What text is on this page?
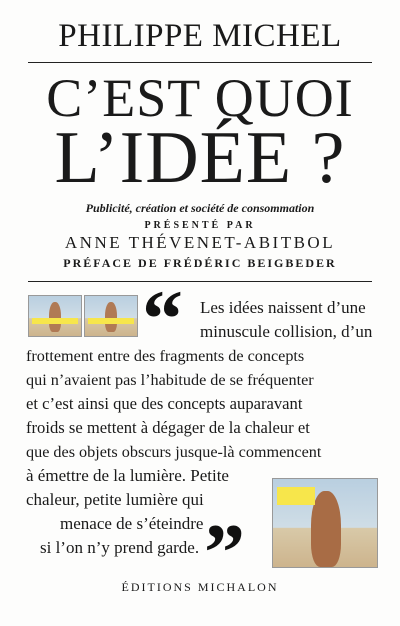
PHILIPPE MICHEL
C’EST QUOI
L’IDÉE ?
Publicité, création et société de consommation
PRÉSENTÉ PAR
ANNE THÉVENET-ABITBOL
PRÉFACE DE FRÉDÉRIC BEIGBEDER
“ Les idées naissent d’une
minuscule collision, d’un
frottement entre des fragments de concepts
qui n’avaient pas l’habitude de se fréquenter
et c’est ainsi que des concepts auparavant
froids se mettent à dégager de la chaleur et
que des objets obscurs jusque-là commencent
à émettre de la lumière. Petite
chaleur, petite lumière qui
menace de s’éteindre
si l’on n’y prend garde. ”
ÉDITIONS MICHALON
